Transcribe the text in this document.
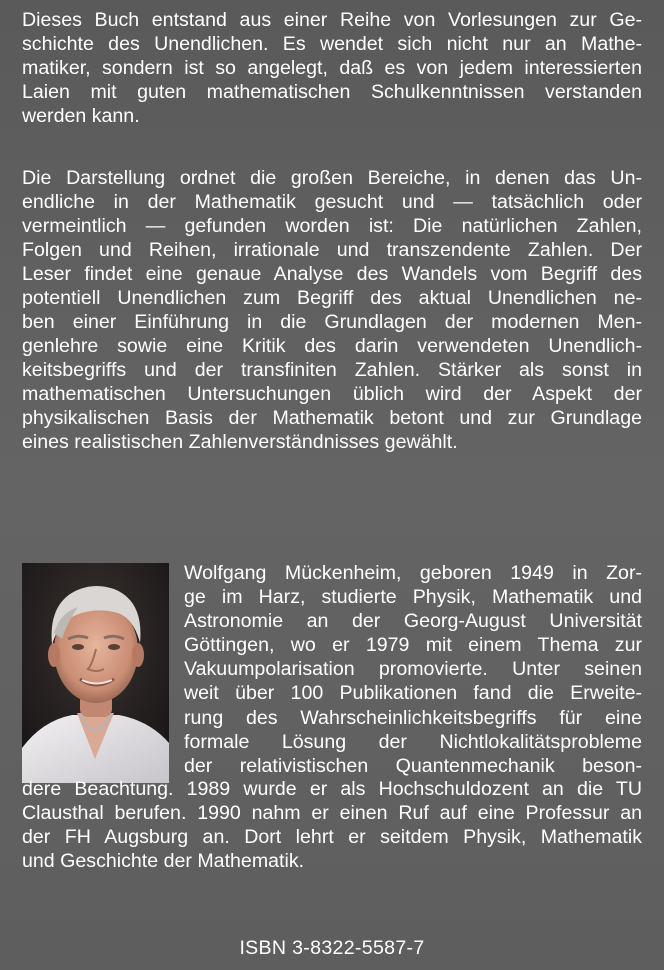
Dieses Buch entstand aus einer Reihe von Vorlesungen zur Ge-
schichte des Unendlichen. Es wendet sich nicht nur an Mathe-
matiker, sondern ist so angelegt, daß es von jedem interessierten
Laien mit guten mathematischen Schulkenntnissen verstanden
werden kann.
Die Darstellung ordnet die großen Bereiche, in denen das Un-
endliche in der Mathematik gesucht und — tatsächlich oder
vermeintlich — gefunden worden ist: Die natürlichen Zahlen,
Folgen und Reihen, irrationale und transzendente Zahlen. Der
Leser findet eine genaue Analyse des Wandels vom Begriff des
potentiell Unendlichen zum Begriff des aktual Unendlichen ne-
ben einer Einführung in die Grundlagen der modernen Men-
genlehre sowie eine Kritik des darin verwendeten Unendlich-
keitsbegriffs und der transfiniten Zahlen. Stärker als sonst in
mathematischen Untersuchungen üblich wird der Aspekt der
physikalischen Basis der Mathematik betont und zur Grundlage
eines realistischen Zahlenverständnisses gewählt.
Wolfgang Mückenheim, geboren 1949 in Zor-
ge im Harz, studierte Physik, Mathematik und
Astronomie an der Georg-August Universität
Göttingen, wo er 1979 mit einem Thema zur
Vakuumpolarisation promovierte. Unter seinen
weit über 100 Publikationen fand die Erweite-
rung des Wahrscheinlichkeitsbegriffs für eine
formale Lösung der Nichtlokalitätsprobleme
der relativistischen Quantenmechanik beson-
dere Beachtung. 1989 wurde er als Hochschuldozent an die TU
Clausthal berufen. 1990 nahm er einen Ruf auf eine Professur an
der FH Augsburg an. Dort lehrt er seitdem Physik, Mathematik
und Geschichte der Mathematik.
ISBN 3-8322-5587-7
